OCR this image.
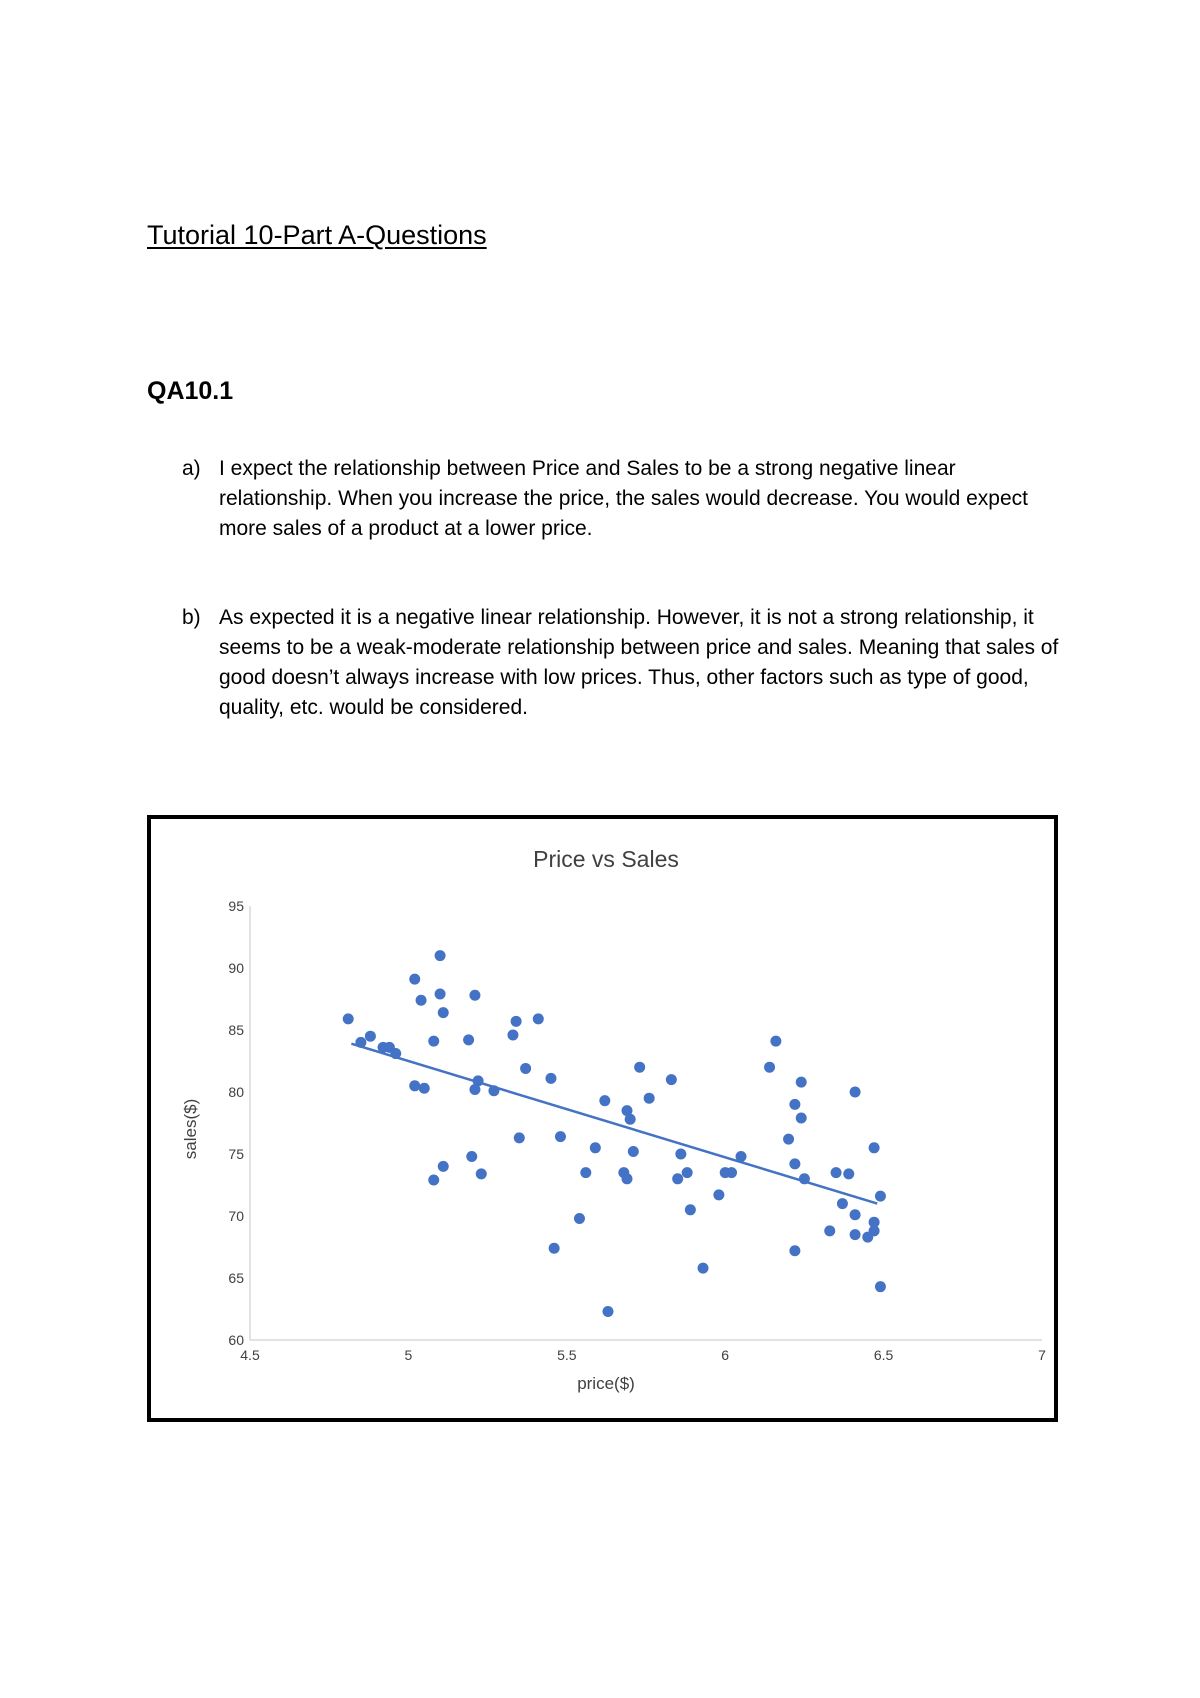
Tutorial 10-Part A-Questions
QA10.1
a) I expect the relationship between Price and Sales to be a strong negative linear relationship. When you increase the price, the sales would decrease. You would expect more sales of a product at a lower price.
b) As expected it is a negative linear relationship. However, it is not a strong relationship, it seems to be a weak-moderate relationship between price and sales. Meaning that sales of good doesn’t always increase with low prices. Thus, other factors such as type of good, quality, etc. would be considered.
Price vs Sales
60
65
70
75
80
85
90
95
4.5	5	5.5	6	6.5	7
price($)
sales($)
